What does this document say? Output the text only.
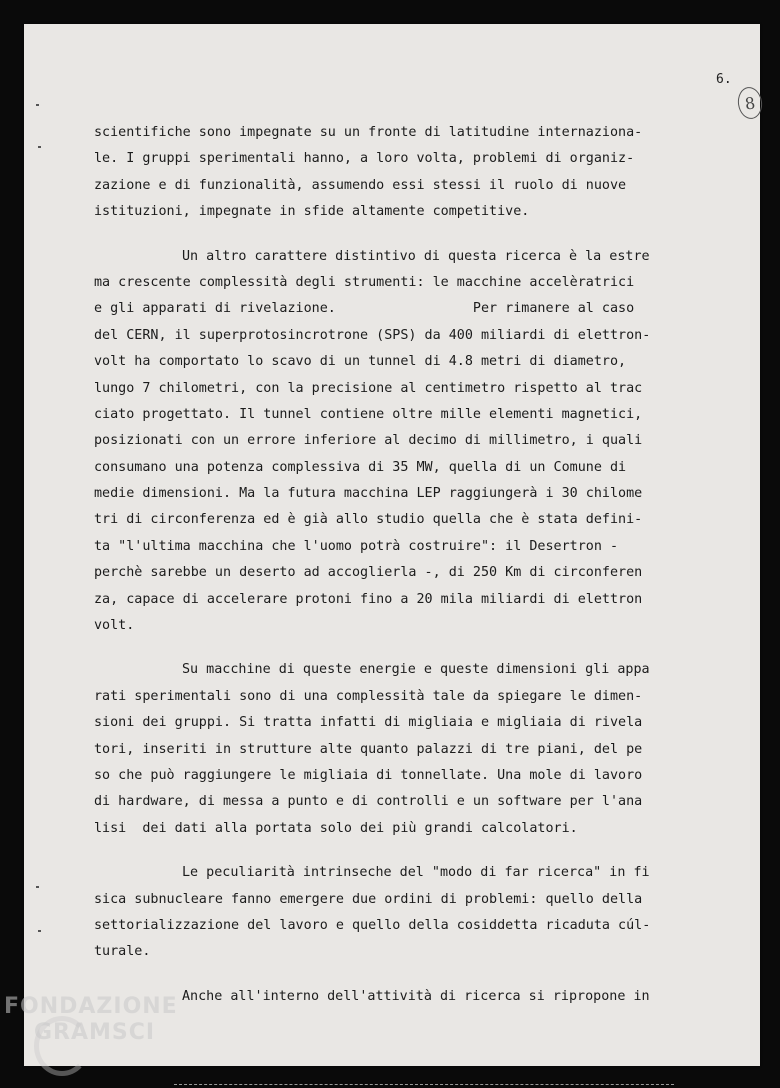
6.
8
scientifiche sono impegnate su un fronte di latitudine internaziona-
le. I gruppi sperimentali hanno, a loro volta, problemi di organiz-
zazione e di funzionalità, assumendo essi stessi il ruolo di nuove
istituzioni, impegnate in sfide altamente competitive.
Un altro carattere distintivo di questa ricerca è la estre
ma crescente complessità degli strumenti: le macchine accelèratrici
e gli apparati di rivelazione.                 Per rimanere al caso
del CERN, il superprotosincrotrone (SPS) da 400 miliardi di elettron-
volt ha comportato lo scavo di un tunnel di 4.8 metri di diametro,
lungo 7 chilometri, con la precisione al centimetro rispetto al trac
ciato progettato. Il tunnel contiene oltre mille elementi magnetici,
posizionati con un errore inferiore al decimo di millimetro, i quali
consumano una potenza complessiva di 35 MW, quella di un Comune di
medie dimensioni. Ma la futura macchina LEP raggiungerà i 30 chilome
tri di circonferenza ed è già allo studio quella che è stata defini-
ta "l'ultima macchina che l'uomo potrà costruire": il Desertron -
perchè sarebbe un deserto ad accoglierla -, di 250 Km di circonferen
za, capace di accelerare protoni fino a 20 mila miliardi di elettron
volt.
Su macchine di queste energie e queste dimensioni gli appa
rati sperimentali sono di una complessità tale da spiegare le dimen-
sioni dei gruppi. Si tratta infatti di migliaia e migliaia di rivela
tori, inseriti in strutture alte quanto palazzi di tre piani, del pe
so che può raggiungere le migliaia di tonnellate. Una mole di lavoro
di hardware, di messa a punto e di controlli e un software per l'ana
lisi  dei dati alla portata solo dei più grandi calcolatori.
Le peculiarità intrinseche del "modo di far ricerca" in fi
sica subnucleare fanno emergere due ordini di problemi: quello della
settorializzazione del lavoro e quello della cosiddetta ricaduta cúl-
turale.
Anche all'interno dell'attività di ricerca si ripropone in
FONDAZIONE
GRAMSCI
